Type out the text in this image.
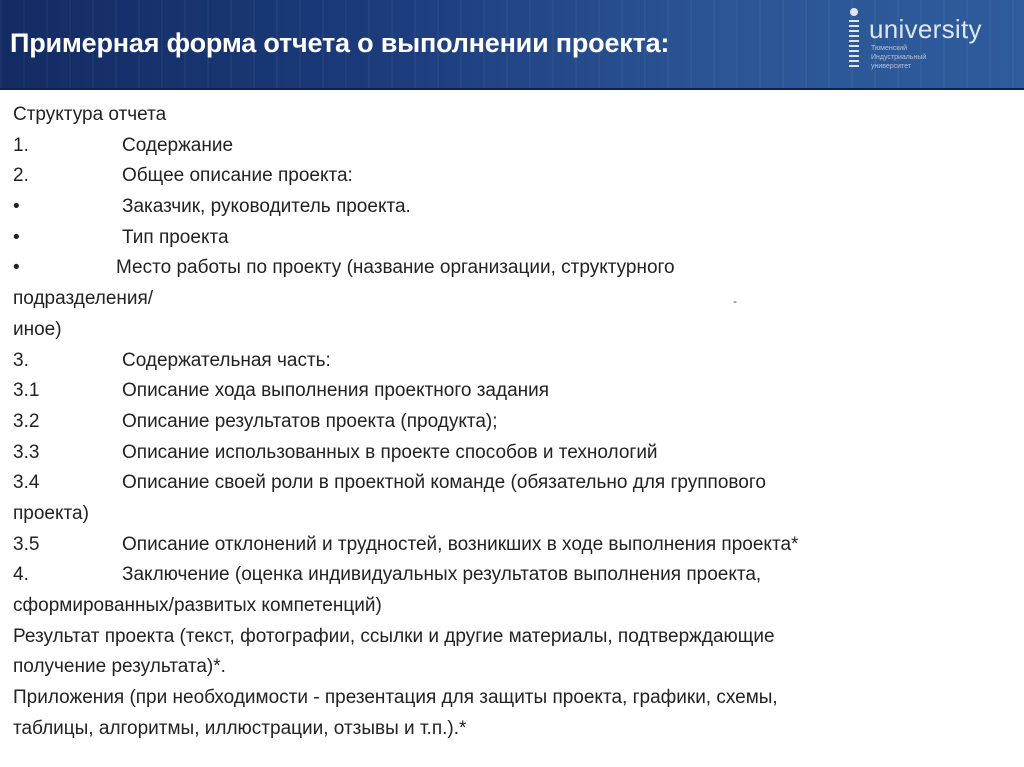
Примерная форма отчета о выполнении проекта:	university
Тюменский
Индустриальный
университет
Структура отчета
1.	Содержание
2.	Общее описание проекта:
•	Заказчик, руководитель проекта.
•	Тип проекта
•	Место работы по проекту (название организации, структурного
подразделения/	-
иное)
3.	Содержательная часть:
3.1	Описание хода выполнения проектного задания
3.2	Описание результатов проекта (продукта);
3.3	Описание использованных в проекте способов и технологий
3.4	Описание своей роли в проектной команде (обязательно для группового
проекта)
3.5	Описание отклонений и трудностей, возникших в ходе выполнения проекта*
4.	Заключение (оценка индивидуальных результатов выполнения проекта,
сформированных/развитых компетенций)
Результат проекта (текст, фотографии, ссылки и другие материалы, подтверждающие
получение результата)*.
Приложения (при необходимости - презентация для защиты проекта, графики, схемы,
таблицы, алгоритмы, иллюстрации, отзывы и т.п.).*
